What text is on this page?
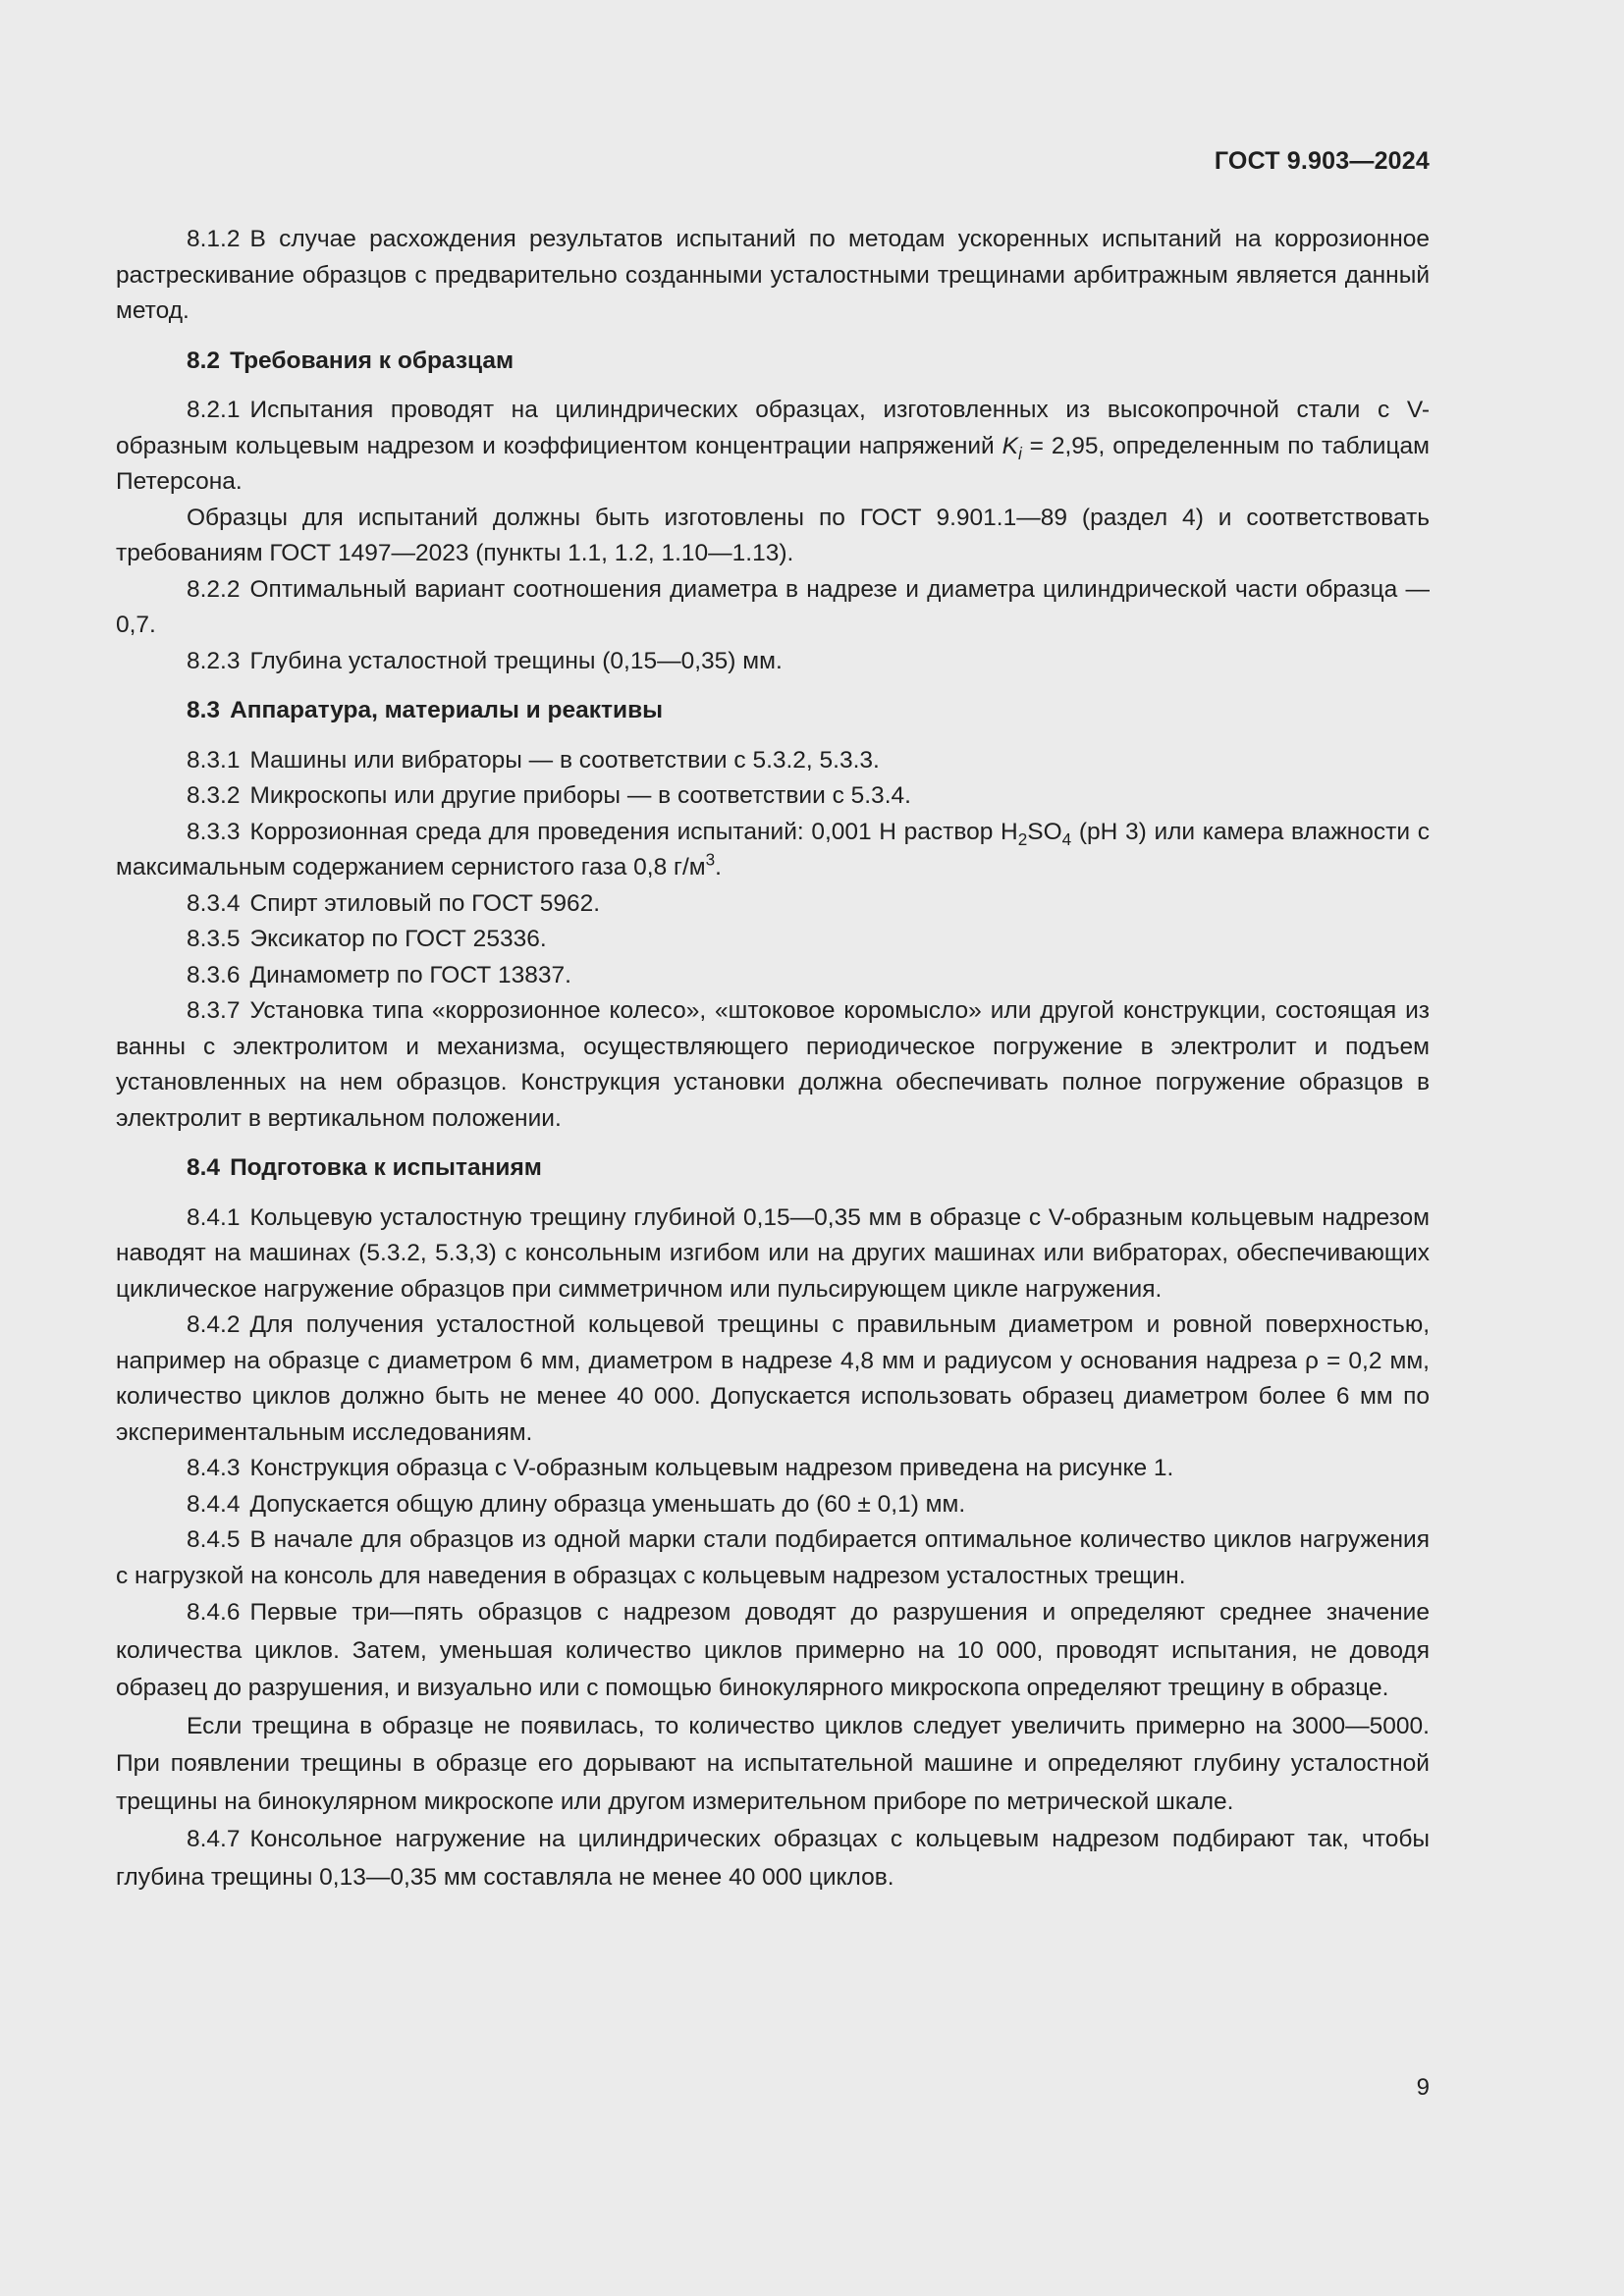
ГОСТ 9.903—2024

8.1.2 В случае расхождения результатов испытаний по методам ускоренных испытаний на коррозионное растрескивание образцов с предварительно созданными усталостными трещинами арбитражным является данный метод.

8.2 Требования к образцам

8.2.1 Испытания проводят на цилиндрических образцах, изготовленных из высокопрочной стали с V-образным кольцевым надрезом и коэффициентом концентрации напряжений $K_i = 2,95$, определенным по таблицам Петерсона.

Образцы для испытаний должны быть изготовлены по ГОСТ 9.901.1—89 (раздел 4) и соответствовать требованиям ГОСТ 1497—2023 (пункты 1.1, 1.2, 1.10—1.13).

8.2.2 Оптимальный вариант соотношения диаметра в надрезе и диаметра цилиндрической части образца — 0,7.

8.2.3 Глубина усталостной трещины (0,15—0,35) мм.

8.3 Аппаратура, материалы и реактивы

8.3.1 Машины или вибраторы — в соответствии с 5.3.2, 5.3.3.

8.3.2 Микроскопы или другие приборы — в соответствии с 5.3.4.

8.3.3 Коррозионная среда для проведения испытаний: 0,001 Н раствор $H_2SO_4$ (рН 3) или камера влажности с максимальным содержанием сернистого газа 0,8 $г/м^3$.

8.3.4 Спирт этиловый по ГОСТ 5962.

8.3.5 Эксикатор по ГОСТ 25336.

8.3.6 Динамометр по ГОСТ 13837.

8.3.7 Установка типа «коррозионное колесо», «штоковое коромысло» или другой конструкции, состоящая из ванны с электролитом и механизма, осуществляющего периодическое погружение в электролит и подъем установленных на нем образцов. Конструкция установки должна обеспечивать полное погружение образцов в электролит в вертикальном положении.

8.4 Подготовка к испытаниям

8.4.1 Кольцевую усталостную трещину глубиной 0,15—0,35 мм в образце с V-образным кольцевым надрезом наводят на машинах (5.3.2, 5.3,3) с консольным изгибом или на других машинах или вибраторах, обеспечивающих циклическое нагружение образцов при симметричном или пульсирующем цикле нагружения.

8.4.2 Для получения усталостной кольцевой трещины с правильным диаметром и ровной поверхностью, например на образце с диаметром 6 мм, диаметром в надрезе 4,8 мм и радиусом у основания надреза ρ = 0,2 мм, количество циклов должно быть не менее 40 000. Допускается использовать образец диаметром более 6 мм по экспериментальным исследованиям.

8.4.3 Конструкция образца с V-образным кольцевым надрезом приведена на рисунке 1.

8.4.4 Допускается общую длину образца уменьшать до (60 ± 0,1) мм.

8.4.5 В начале для образцов из одной марки стали подбирается оптимальное количество циклов нагружения с нагрузкой на консоль для наведения в образцах с кольцевым надрезом усталостных трещин.

8.4.6 Первые три—пять образцов с надрезом доводят до разрушения и определяют среднее значение количества циклов. Затем, уменьшая количество циклов примерно на 10 000, проводят испытания, не доводя образец до разрушения, и визуально или с помощью бинокулярного микроскопа определяют трещину в образце.

Если трещина в образце не появилась, то количество циклов следует увеличить примерно на 3000—5000. При появлении трещины в образце его дорывают на испытательной машине и определяют глубину усталостной трещины на бинокулярном микроскопе или другом измерительном приборе по метрической шкале.

8.4.7 Консольное нагружение на цилиндрических образцах с кольцевым надрезом подбирают так, чтобы глубина трещины 0,13—0,35 мм составляла не менее 40 000 циклов.

9
